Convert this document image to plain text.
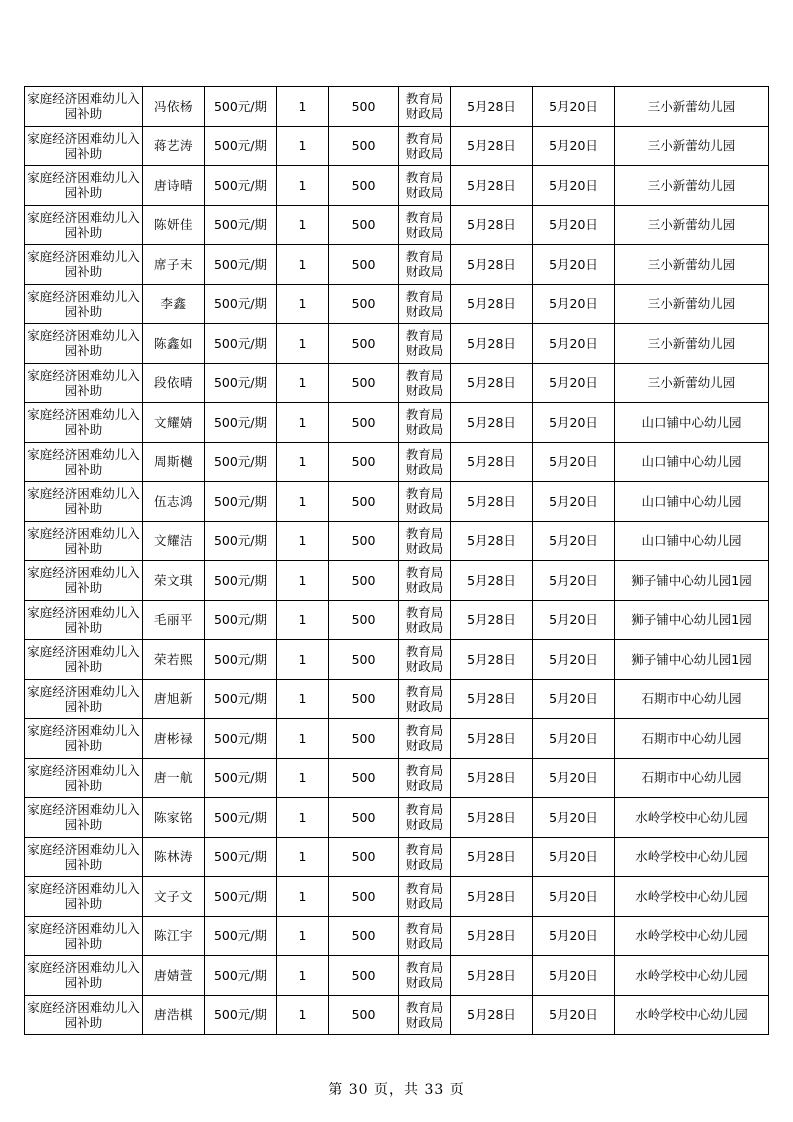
家庭经济困难幼儿入园补助	冯依杨	500元/期	1	500	教育局财政局	5月28日	5月20日	三小新蕾幼儿园
家庭经济困难幼儿入园补助	蒋艺涛	500元/期	1	500	教育局财政局	5月28日	5月20日	三小新蕾幼儿园
家庭经济困难幼儿入园补助	唐诗晴	500元/期	1	500	教育局财政局	5月28日	5月20日	三小新蕾幼儿园
家庭经济困难幼儿入园补助	陈妍佳	500元/期	1	500	教育局财政局	5月28日	5月20日	三小新蕾幼儿园
家庭经济困难幼儿入园补助	席子末	500元/期	1	500	教育局财政局	5月28日	5月20日	三小新蕾幼儿园
家庭经济困难幼儿入园补助	李鑫	500元/期	1	500	教育局财政局	5月28日	5月20日	三小新蕾幼儿园
家庭经济困难幼儿入园补助	陈鑫如	500元/期	1	500	教育局财政局	5月28日	5月20日	三小新蕾幼儿园
家庭经济困难幼儿入园补助	段依晴	500元/期	1	500	教育局财政局	5月28日	5月20日	三小新蕾幼儿园
家庭经济困难幼儿入园补助	文耀婧	500元/期	1	500	教育局财政局	5月28日	5月20日	山口铺中心幼儿园
家庭经济困难幼儿入园补助	周斯樾	500元/期	1	500	教育局财政局	5月28日	5月20日	山口铺中心幼儿园
家庭经济困难幼儿入园补助	伍志鸿	500元/期	1	500	教育局财政局	5月28日	5月20日	山口铺中心幼儿园
家庭经济困难幼儿入园补助	文耀洁	500元/期	1	500	教育局财政局	5月28日	5月20日	山口铺中心幼儿园
家庭经济困难幼儿入园补助	荣文琪	500元/期	1	500	教育局财政局	5月28日	5月20日	狮子铺中心幼儿园1园
家庭经济困难幼儿入园补助	毛丽平	500元/期	1	500	教育局财政局	5月28日	5月20日	狮子铺中心幼儿园1园
家庭经济困难幼儿入园补助	荣若熙	500元/期	1	500	教育局财政局	5月28日	5月20日	狮子铺中心幼儿园1园
家庭经济困难幼儿入园补助	唐旭新	500元/期	1	500	教育局财政局	5月28日	5月20日	石期市中心幼儿园
家庭经济困难幼儿入园补助	唐彬禄	500元/期	1	500	教育局财政局	5月28日	5月20日	石期市中心幼儿园
家庭经济困难幼儿入园补助	唐一航	500元/期	1	500	教育局财政局	5月28日	5月20日	石期市中心幼儿园
家庭经济困难幼儿入园补助	陈家铭	500元/期	1	500	教育局财政局	5月28日	5月20日	水岭学校中心幼儿园
家庭经济困难幼儿入园补助	陈林涛	500元/期	1	500	教育局财政局	5月28日	5月20日	水岭学校中心幼儿园
家庭经济困难幼儿入园补助	文子文	500元/期	1	500	教育局财政局	5月28日	5月20日	水岭学校中心幼儿园
家庭经济困难幼儿入园补助	陈江宇	500元/期	1	500	教育局财政局	5月28日	5月20日	水岭学校中心幼儿园
家庭经济困难幼儿入园补助	唐婧萱	500元/期	1	500	教育局财政局	5月28日	5月20日	水岭学校中心幼儿园
家庭经济困难幼儿入园补助	唐浩棋	500元/期	1	500	教育局财政局	5月28日	5月20日	水岭学校中心幼儿园
第 30 页，共 33 页
